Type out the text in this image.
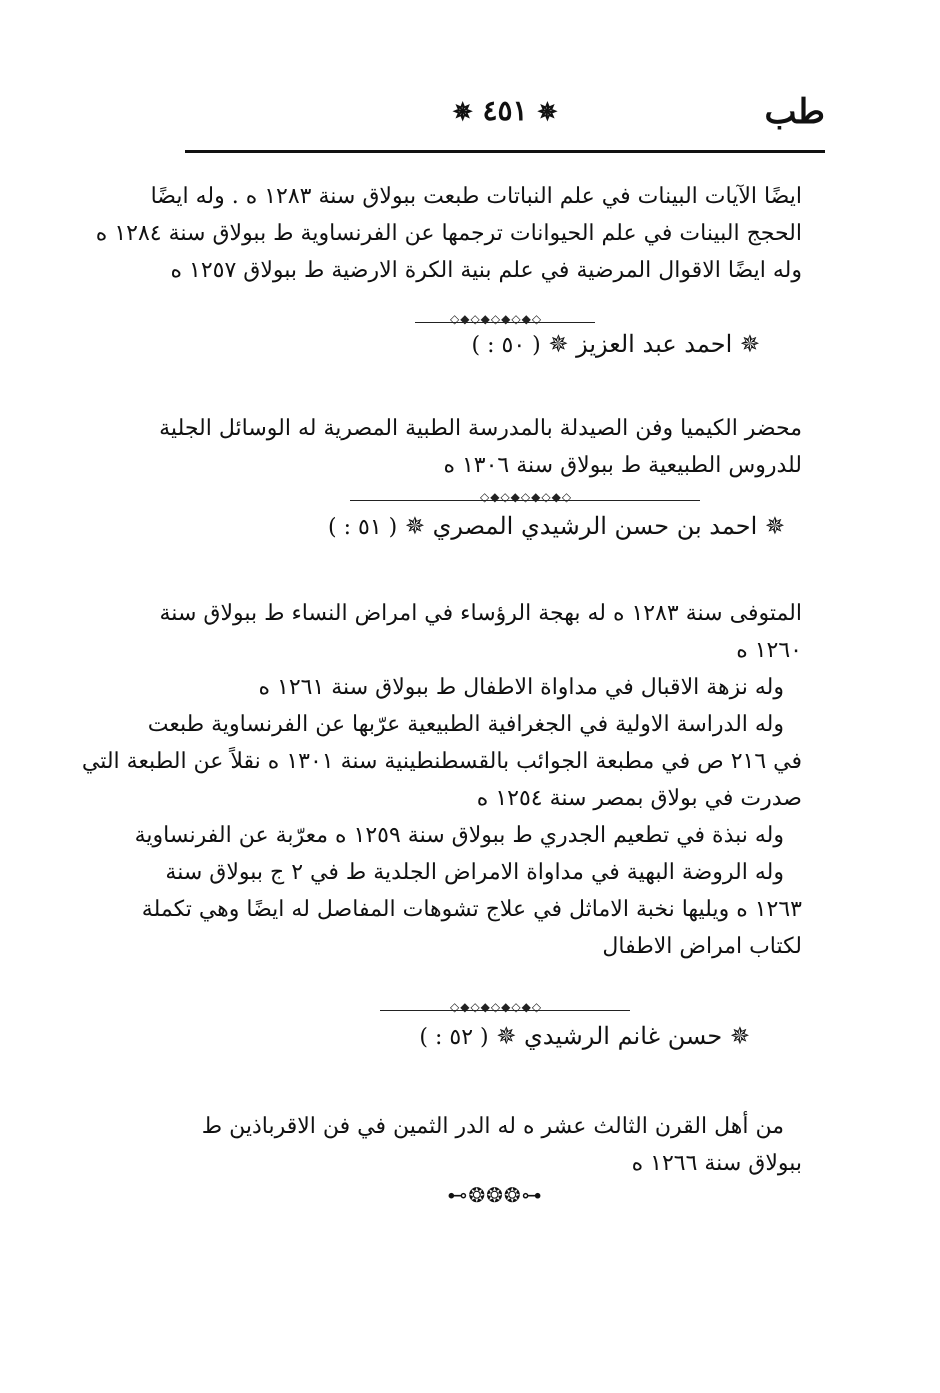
طب
✵ ٤٥١ ✵
ايضًا الآيات البينات في علم النباتات طبعت ببولاق سنة ١٢٨٣ ه . وله ايضًا
الحجج البينات في علم الحيوانات ترجمها عن الفرنساوية ط ببولاق سنة ١٢٨٤ ه
وله ايضًا الاقوال المرضية في علم بنية الكرة الارضية ط ببولاق ١٢٥٧ ه
◇◆◇◆◇◆◇◆◇
✵ احمد عبد العزيز ✵ ( ٥٠ : )
محضر الكيميا وفن الصيدلة بالمدرسة الطبية المصرية له الوسائل الجلية
للدروس الطبيعية ط ببولاق سنة ١٣٠٦ ه
◇◆◇◆◇◆◇◆◇
✵ احمد بن حسن الرشيدي المصري ✵ ( ٥١ : )
المتوفى سنة ١٢٨٣ ه له بهجة الرؤساء في امراض النساء ط ببولاق سنة
١٢٦٠ ه
وله نزهة الاقبال في مداواة الاطفال ط ببولاق سنة ١٢٦١ ه
وله الدراسة الاولية في الجغرافية الطبيعية عرّبها عن الفرنساوية طبعت
في ٢١٦ ص في مطبعة الجوائب بالقسطنطينية سنة ١٣٠١ ه نقلاً عن الطبعة التي
صدرت في بولاق بمصر سنة ١٢٥٤ ه
وله نبذة في تطعيم الجدري ط ببولاق سنة ١٢٥٩ ه معرّبة عن الفرنساوية
وله الروضة البهية في مداواة الامراض الجلدية ط في ٢ ج ببولاق سنة
١٢٦٣ ه ويليها نخبة الاماثل في علاج تشوهات المفاصل له ايضًا وهي تكملة
لكتاب امراض الاطفال
◇◆◇◆◇◆◇◆◇
✵ حسن غانم الرشيدي ✵ ( ٥٢ : )
من أهل القرن الثالث عشر ه له الدر الثمين في فن الاقرباذين ط
ببولاق سنة ١٢٦٦ ه
⊷❂❂❂⊶
